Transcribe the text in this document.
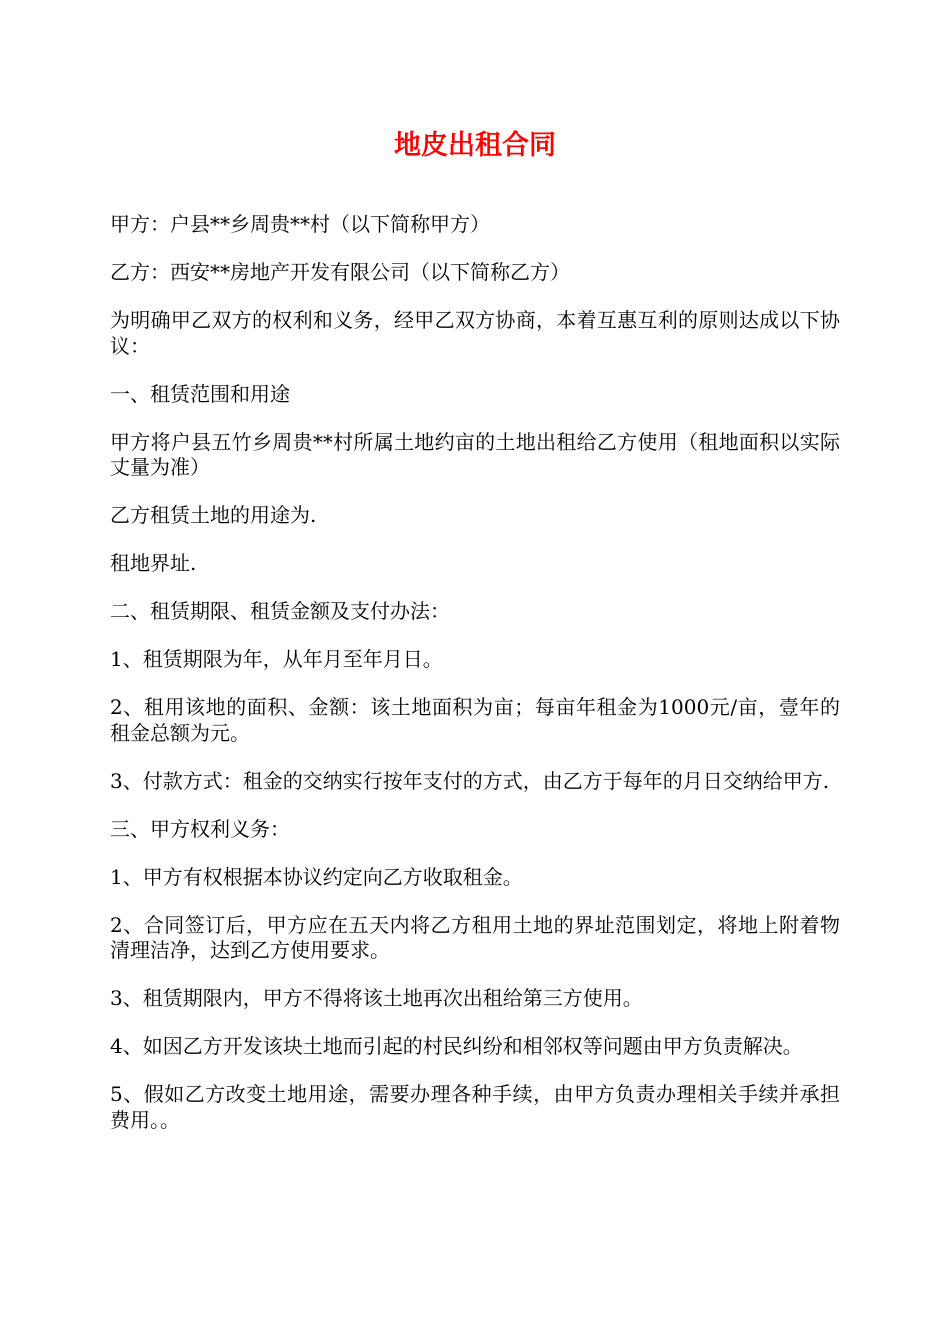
地皮出租合同

甲方：户县**乡周贵**村（以下简称甲方）

乙方：西安**房地产开发有限公司（以下简称乙方）

为明确甲乙双方的权利和义务，经甲乙双方协商，本着互惠互利的原则达成以下协议：

一、租赁范围和用途

甲方将户县五竹乡周贵**村所属土地约亩的土地出租给乙方使用（租地面积以实际丈量为准）

乙方租赁土地的用途为.

租地界址.

二、租赁期限、租赁金额及支付办法：

1、租赁期限为年，从年月至年月日。

2、租用该地的面积、金额：该土地面积为亩；每亩年租金为1000元/亩，壹年的租金总额为元。

3、付款方式：租金的交纳实行按年支付的方式，由乙方于每年的月日交纳给甲方.

三、甲方权利义务：

1、甲方有权根据本协议约定向乙方收取租金。

2、合同签订后，甲方应在五天内将乙方租用土地的界址范围划定，将地上附着物清理洁净，达到乙方使用要求。

3、租赁期限内，甲方不得将该土地再次出租给第三方使用。

4、如因乙方开发该块土地而引起的村民纠纷和相邻权等问题由甲方负责解决。

5、假如乙方改变土地用途，需要办理各种手续，由甲方负责办理相关手续并承担费用。。
